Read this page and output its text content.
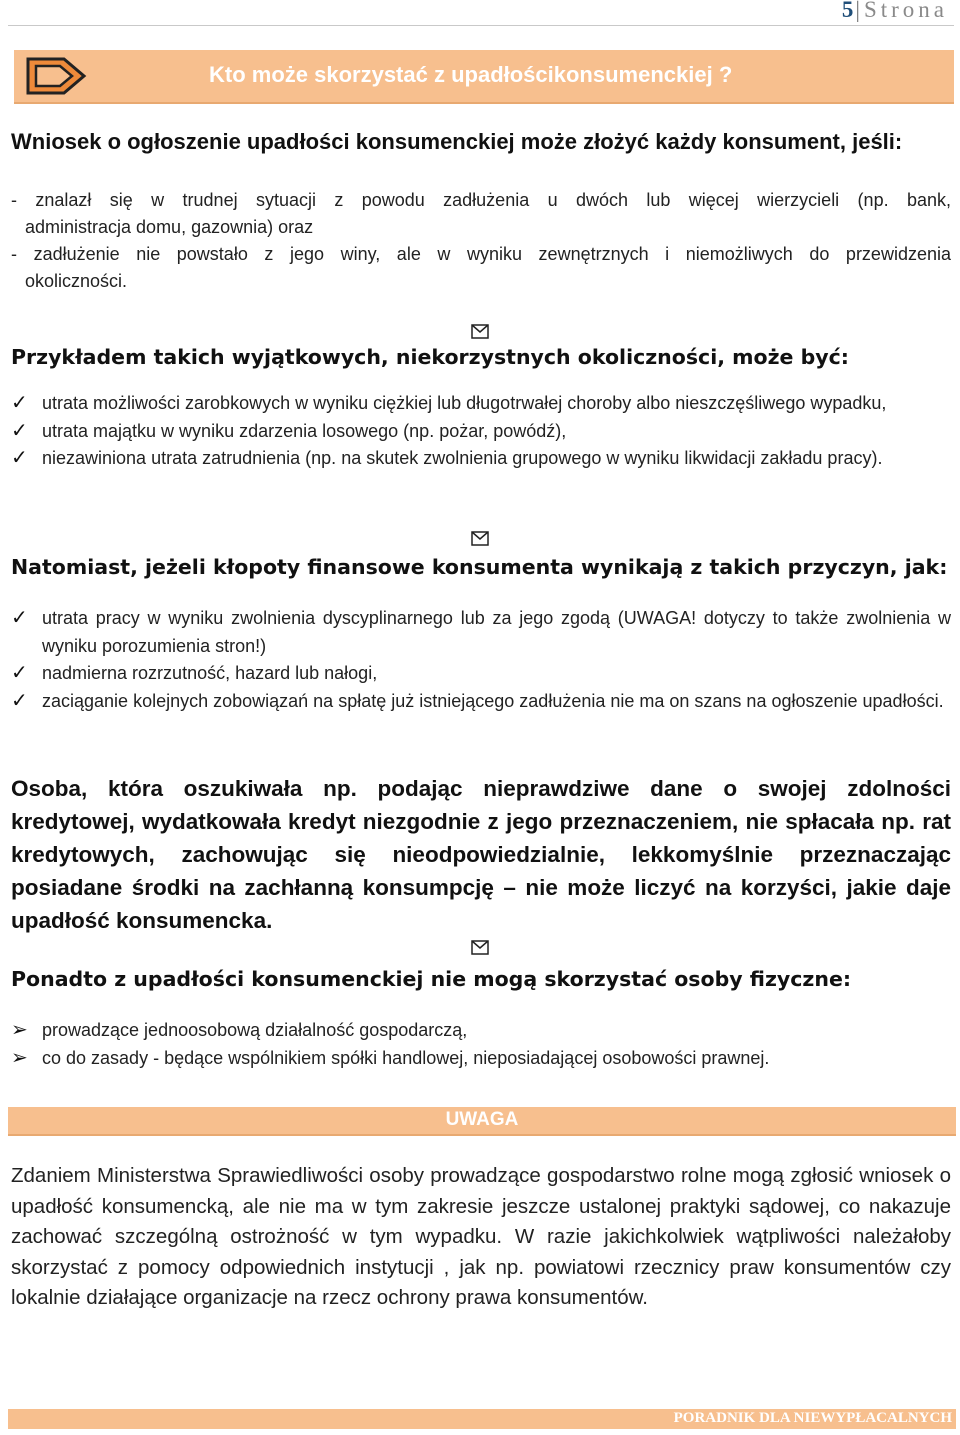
5| Strona
Kto może skorzystać z upadłościkonsumenckiej ?
Wniosek o ogłoszenie upadłości konsumenckiej może złożyć każdy konsument, jeśli:
- znalazł się w trudnej sytuacji z powodu zadłużenia u dwóch lub więcej wierzycieli (np. bank,
administracja domu, gazownia) oraz
- zadłużenie nie powstało z jego winy, ale w wyniku zewnętrznych i niemożliwych do przewidzenia
okoliczności.
Przykładem takich wyjątkowych, niekorzystnych okoliczności, może być:
✓ utrata możliwości zarobkowych w wyniku ciężkiej lub długotrwałej choroby albo nieszczęśliwego wypadku,
✓ utrata majątku w wyniku zdarzenia losowego (np. pożar, powódź),
✓ niezawiniona utrata zatrudnienia (np. na skutek zwolnienia grupowego w wyniku likwidacji zakładu pracy).
Natomiast, jeżeli kłopoty finansowe konsumenta wynikają z takich przyczyn, jak:
✓ utrata pracy w wyniku zwolnienia dyscyplinarnego lub za jego zgodą (UWAGA! dotyczy to także zwolnienia w wyniku porozumienia stron!)
✓ nadmierna rozrzutność, hazard lub nałogi,
✓ zaciąganie kolejnych zobowiązań na spłatę już istniejącego zadłużenia nie ma on szans na ogłoszenie upadłości.
Osoba, która oszukiwała np. podając nieprawdziwe dane o swojej zdolności kredytowej, wydatkowała kredyt niezgodnie z jego przeznaczeniem, nie spłacała np. rat kredytowych, zachowując się nieodpowiedzialnie, lekkomyślnie przeznaczając posiadane środki na zachłanną konsumpcję – nie może liczyć na korzyści, jakie daje upadłość konsumencka.
Ponadto z upadłości konsumenckiej nie mogą skorzystać osoby fizyczne:
➢ prowadzące jednoosobową działalność gospodarczą,
➢ co do zasady - będące wspólnikiem spółki handlowej, nieposiadającej osobowości prawnej.
UWAGA
Zdaniem Ministerstwa Sprawiedliwości osoby prowadzące gospodarstwo rolne mogą zgłosić wniosek o upadłość konsumencką, ale nie ma w tym zakresie jeszcze ustalonej praktyki sądowej, co nakazuje zachować szczególną ostrożność w tym wypadku. W razie jakichkolwiek wątpliwości należałoby skorzystać z pomocy odpowiednich instytucji , jak np. powiatowi rzecznicy praw konsumentów czy lokalnie działające organizacje na rzecz ochrony prawa konsumentów.
PORADNIK DLA NIEWYPŁACALNYCH
